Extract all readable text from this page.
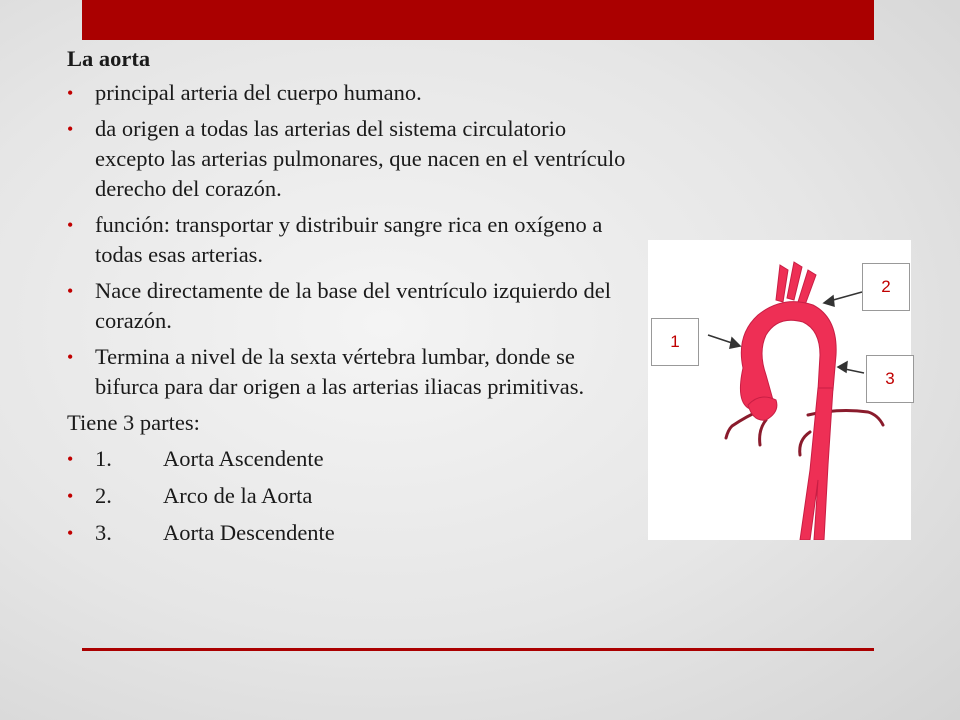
La aorta
• principal arteria del cuerpo humano.
• da origen a todas las arterias del sistema circulatorio excepto las arterias pulmonares, que nacen en el ventrículo derecho del corazón.
• función: transportar y distribuir sangre rica en oxígeno a todas esas arterias.
• Nace directamente de la base del ventrículo izquierdo del corazón.
• Termina a nivel de la sexta vértebra lumbar, donde se bifurca para dar origen a las arterias iliacas primitivas.
Tiene 3 partes:
• 1. Aorta Ascendente
• 2. Arco de la Aorta
• 3. Aorta Descendente
1
2
3
